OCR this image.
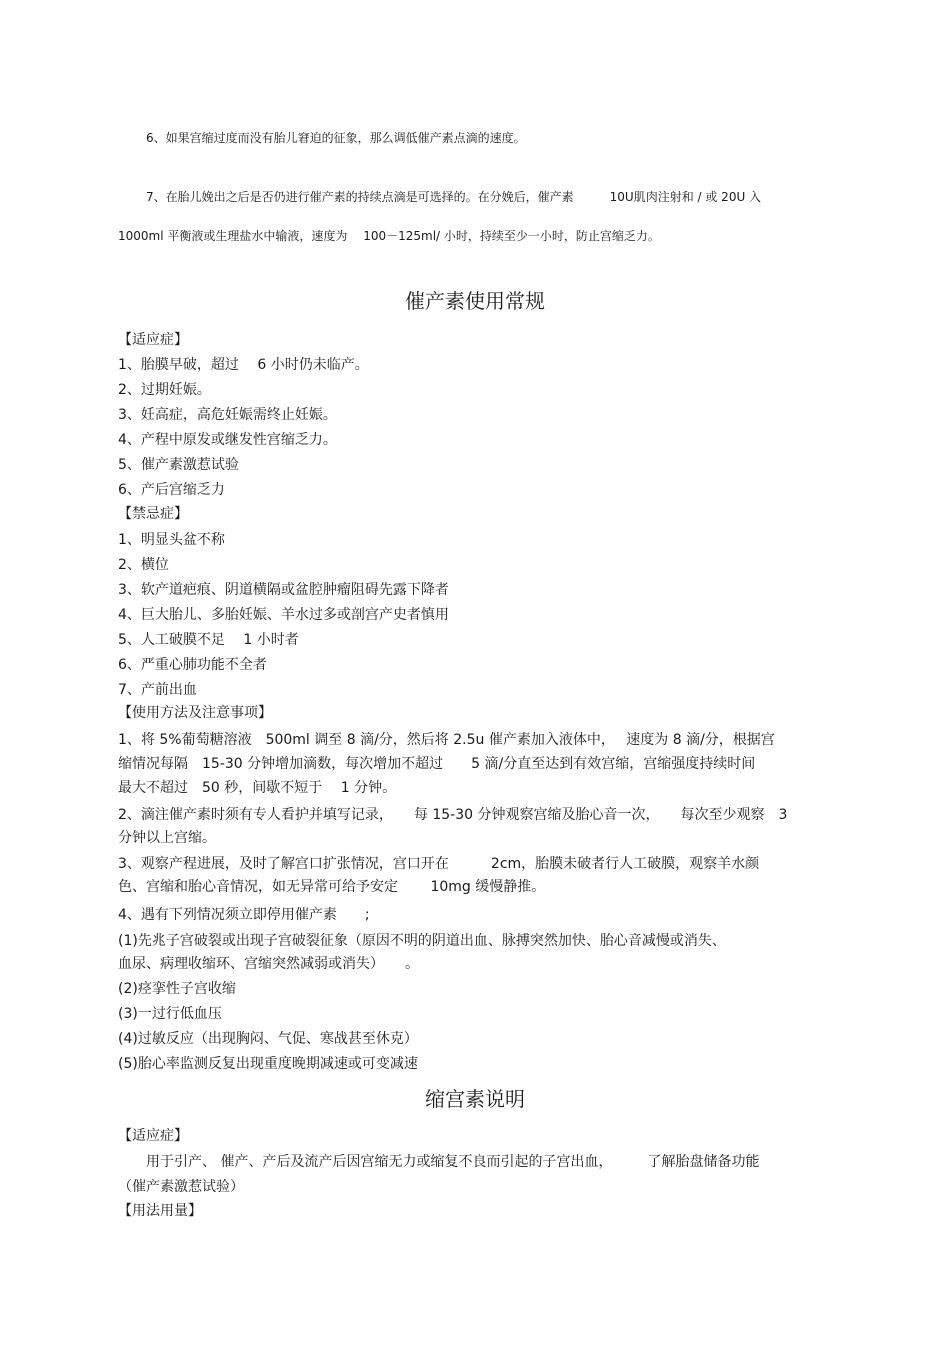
6、如果宫缩过度而没有胎儿窘迫的征象，那么调低催产素点滴的速度。
7、在胎儿娩出之后是否仍进行催产素的持续点滴是可选择的。在分娩后，催产素　　　10U肌肉注射和 / 或 20U 入
1000ml 平衡液或生理盐水中输液，速度为　 100－125ml/ 小时，持续至少一小时，防止宫缩乏力。
催产素使用常规
【适应症】
1、胎膜早破，超过　 6 小时仍未临产。
2、过期妊娠。
3、妊高症，高危妊娠需终止妊娠。
4、产程中原发或继发性宫缩乏力。
5、催产素激惹试验
6、产后宫缩乏力
【禁忌症】
1、明显头盆不称
2、横位
3、软产道疤痕、阴道横隔或盆腔肿瘤阻碍先露下降者
4、巨大胎儿、多胎妊娠、羊水过多或剖宫产史者慎用
5、人工破膜不足　 1 小时者
6、严重心肺功能不全者
7、产前出血
【使用方法及注意事项】
1、将 5%葡萄糖溶液　500ml 调至 8 滴/分，然后将 2.5u 催产素加入液体中，　 速度为 8 滴/分，根据宫
缩情况每隔　15-30 分钟增加滴数，每次增加不超过　　5 滴/分直至达到有效宫缩，宫缩强度持续时间
最大不超过　50 秒，间歇不短于　 1 分钟。
2、滴注催产素时须有专人看护并填写记录，　　每 15-30 分钟观察宫缩及胎心音一次，　　每次至少观察　3
分钟以上宫缩。
3、观察产程进展，及时了解宫口扩张情况，宫口开在　　　2cm，胎膜未破者行人工破膜，观察羊水颜
色、宫缩和胎心音情况，如无异常可给予安定　　 10mg 缓慢静推。
4、遇有下列情况须立即停用催产素　　;
(1)先兆子宫破裂或出现子宫破裂征象（原因不明的阴道出血、脉搏突然加快、胎心音减慢或消失、
血尿、病理收缩环、宫缩突然减弱或消失）　　。
(2)痉挛性子宫收缩
(3)一过行低血压
(4)过敏反应（出现胸闷、气促、寒战甚至休克）
(5)胎心率监测反复出现重度晚期减速或可变减速
缩宫素说明
【适应症】
　　用于引产、 催产、产后及流产后因宫缩无力或缩复不良而引起的子宫出血，　　　了解胎盘储备功能
（催产素激惹试验）
【用法用量】
